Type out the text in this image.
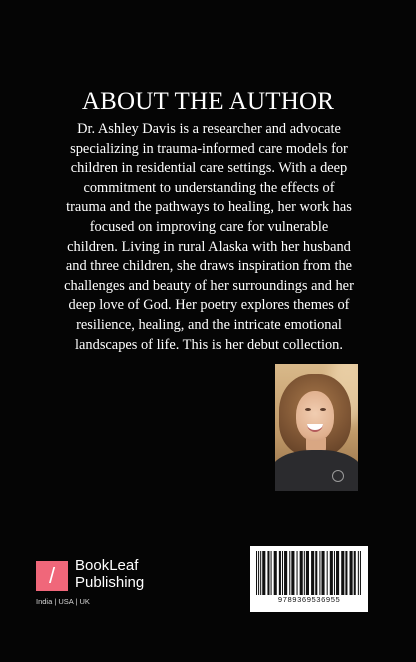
ABOUT THE AUTHOR
Dr. Ashley Davis is a researcher and advocate
specializing in trauma-informed care models for
children in residential care settings. With a deep
commitment to understanding the effects of
trauma and the pathways to healing, her work has
focused on improving care for vulnerable
children. Living in rural Alaska with her husband
and three children, she draws inspiration from the
challenges and beauty of her surroundings and her
deep love of God. Her poetry explores themes of
resilience, healing, and the intricate emotional
landscapes of life. This is her debut collection.
/	BookLeaf
Publishing
India | USA | UK	9789369536955
